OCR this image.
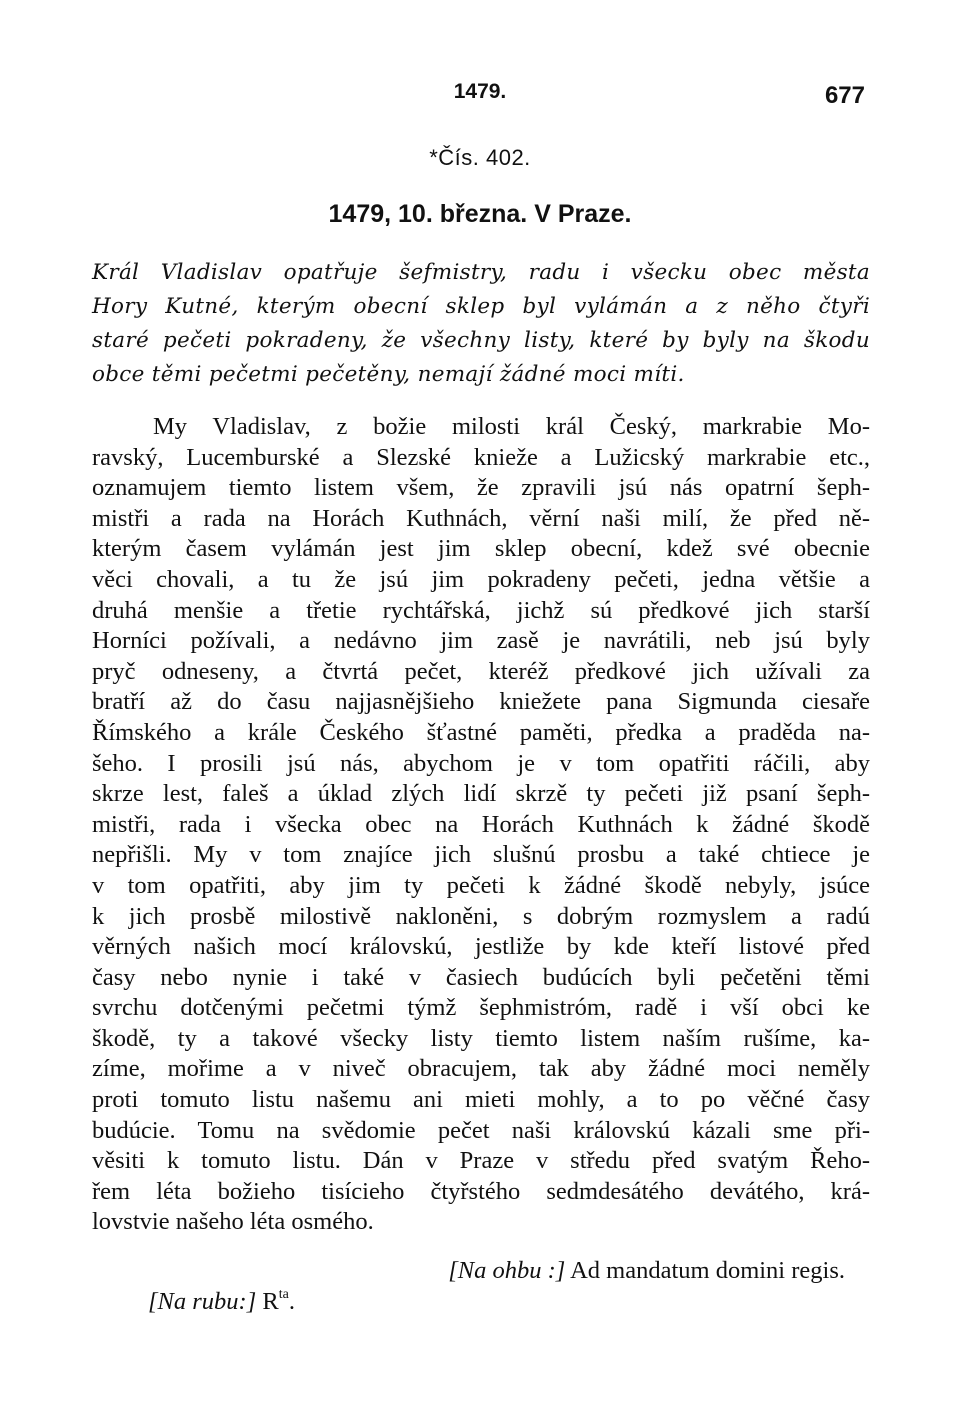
1479.	677
*Čís. 402.
1479, 10. března. V Praze.

Král Vladislav opatřuje šefmistry, radu i všecku obec města
Hory Kutné, kterým obecní sklep byl vylámán a z něho čtyři
staré pečeti pokradeny, že všechny listy, které by byly na škodu
obce těmi pečetmi pečetěny, nemají žádné moci míti.

My Vladislav, z božie milosti král Český, markrabie Mo-
ravský, Lucemburské a Slezské knieže a Lužicský markrabie etc.,
oznamujem tiemto listem všem, že zpravili jsú nás opatrní šeph-
mistři a rada na Horách Kuthnách, věrní naši milí, že před ně-
kterým časem vylámán jest jim sklep obecní, kdež své obecnie
věci chovali, a tu že jsú jim pokradeny pečeti, jedna většie a
druhá menšie a třetie rychtářská, jichž sú předkové jich starší
Horníci požívali, a nedávno jim zasě je navrátili, neb jsú byly
pryč odneseny, a čtvrtá pečet, kteréž předkové jich užívali za
bratří až do času najjasnějšieho kniežete pana Sigmunda ciesaře
Římského a krále Českého šťastné paměti, předka a praděda na-
šeho. I prosili jsú nás, abychom je v tom opatřiti ráčili, aby
skrze lest, faleš a úklad zlých lidí skrzě ty pečeti již psaní šeph-
mistři, rada i všecka obec na Horách Kuthnách k žádné škodě
nepřišli. My v tom znajíce jich slušnú prosbu a také chtiece je
v tom opatřiti, aby jim ty pečeti k žádné škodě nebyly, jsúce
k jich prosbě milostivě nakloněni, s dobrým rozmyslem a radú
věrných našich mocí královskú, jestliže by kde kteří listové před
časy nebo nynie i také v časiech budúcích byli pečetěni těmi
svrchu dotčenými pečetmi týmž šephmistróm, radě i vší obci ke
škodě, ty a takové všecky listy tiemto listem naším rušíme, ka-
zíme, mořime a v niveč obracujem, tak aby žádné moci neměly
proti tomuto listu našemu ani mieti mohly, a to po věčné časy
budúcie. Tomu na svědomie pečet naši královskú kázali sme při-
věsiti k tomuto listu. Dán v Praze v středu před svatým Řeho-
řem léta božieho tisícieho čtyřstého sedmdesátého devátého, krá-
lovstvie našeho léta osmého.

[Na ohbu :] Ad mandatum domini regis.
[Na rubu:] $R^{ta}$.
